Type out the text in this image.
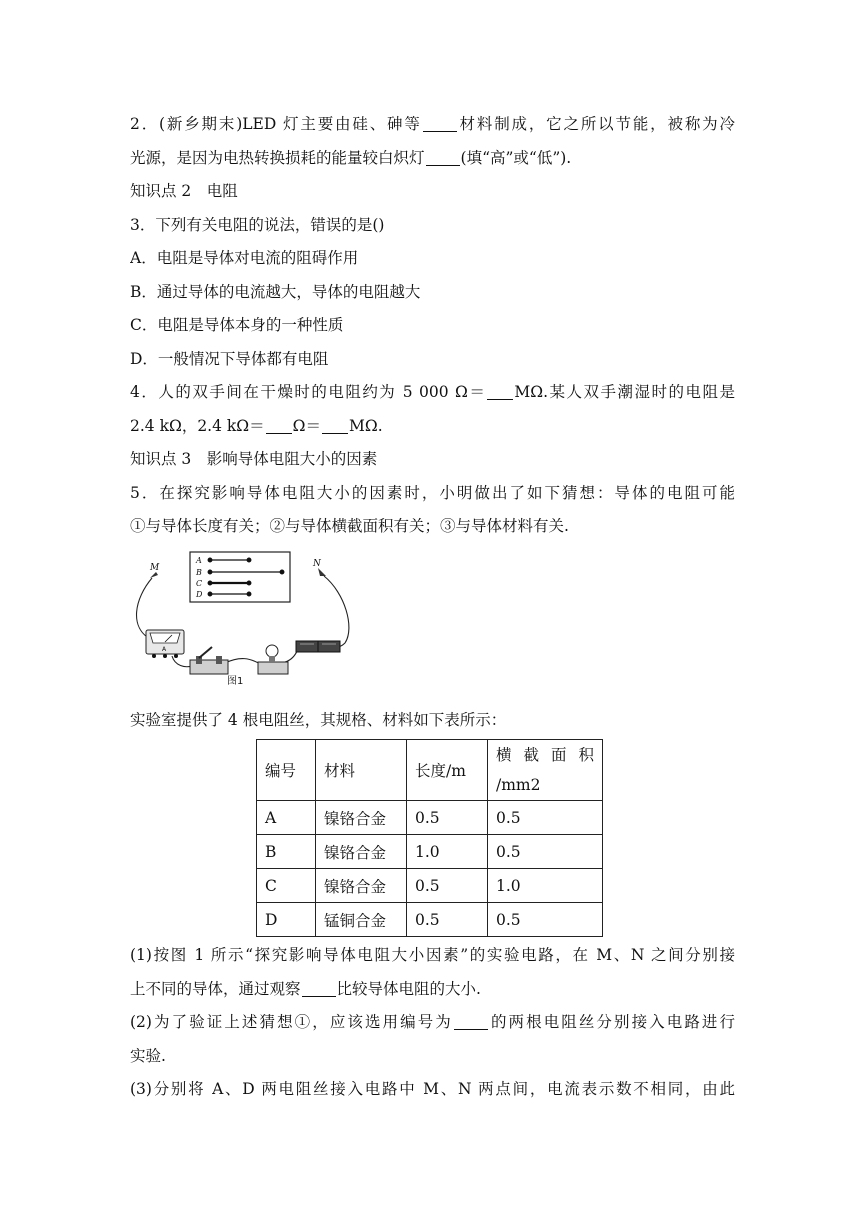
2．(新乡期末)LED 灯主要由硅、砷等 材料制成，它之所以节能，被称为冷
光源，是因为电热转换损耗的能量较白炽灯 (填“高”或“低”).
知识点 2　电阻
3．下列有关电阻的说法，错误的是()
A．电阻是导体对电流的阻碍作用
B．通过导体的电流越大，导体的电阻越大
C．电阻是导体本身的一种性质
D．一般情况下导体都有电阻
4．人的双手间在干燥时的电阻约为 5 000 Ω＝ MΩ.某人双手潮湿时的电阻是
2.4 kΩ，2.4 kΩ＝ Ω＝ MΩ.
知识点 3　影响导体电阻大小的因素
5．在探究影响导体电阻大小的因素时，小明做出了如下猜想：导体的电阻可能
①与导体长度有关；②与导体横截面积有关；③与导体材料有关.
A
B
C
D
M	N
A
图1
实验室提供了 4 根电阻丝，其规格、材料如下表所示：
编号	材料	长度/m	横截面积
/mm2
A	镍铬合金	0.5	0.5
B	镍铬合金	1.0	0.5
C	镍铬合金	0.5	1.0
D	锰铜合金	0.5	0.5
(1)按图 1 所示“探究影响导体电阻大小因素”的实验电路，在 M、N 之间分别接
上不同的导体，通过观察 比较导体电阻的大小.
(2)为了验证上述猜想①，应该选用编号为 的两根电阻丝分别接入电路进行
实验.
(3)分别将 A、D 两电阻丝接入电路中 M、N 两点间，电流表示数不相同，由此
